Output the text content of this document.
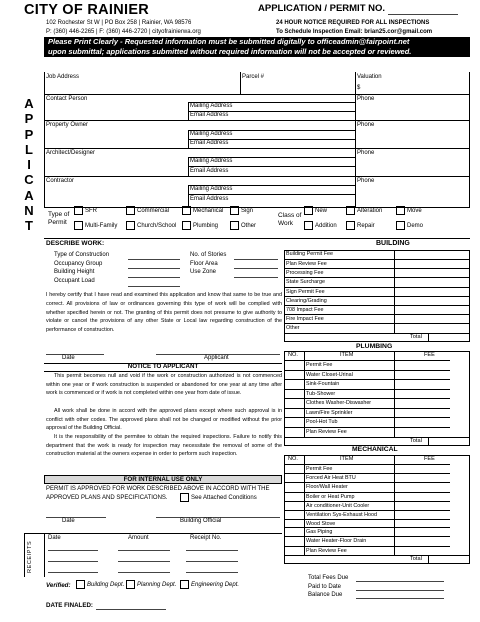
CITY OF RAINIER	APPLICATION / PERMIT NO.
102 Rochester St W | PO Box 258 | Rainier, WA 98576
P: (360) 446-2265 | F: (360) 446-2720 | cityofrainierwa.org
24 HOUR NOTICE REQUIRED FOR ALL INSPECTIONS
To Schedule Inspection Email: brian25.cor@gmail.com
Please Print Clearly - Requested information must be submitted digitally to officeadmin@fairpoint.net
upon submittal; applications submitted without required information will not be accepted or reviewed.
A
P
P
L
I
C
A
N
T
Job Address	Parcel #	Valuation
$
Contact Person	Phone
Mailing Address
Email Address
Property Owner	Phone
Mailing Address
Email Address
Architect/Designer	Phone
Mailing Address
Email Address
Contractor	Phone
Mailing Address
Email Address
Type of
Permit
SFR	Commercial	Mechanical	Sign
Multi-Family	Church/School	Plumbing	Other
Class of
Work
New	Alteration	Move
Addition	Repair	Demo
DESCRIBE WORK:	BUILDING
Type of Construction
Occupancy Group
Building Height
Occupant Load
No. of Stories
Floor Area
Use Zone
I hereby certify that I have read and examined this application and know that same to be true and correct. All provisions of law or ordinances governing this type of work will be complied with whether specified herein or not. The granting of this permit does not presume to give authority to violate or cancel the provisions of any other State or Local law regarding construction of the performance of construction.
Building Permit Fee
Plan Review Fee
Processing Fee
State Surcharge
Sign Permit Fee
Clearing/Grading
708 Impact Fee
Fire Impact Fee
Other
Total
Date	Applicant
PLUMBING
NOTICE TO APPLICANT
This permit becomes null and void if the work or construction authorized is not commenced within one year or if work construction is suspended or abandoned for one year at any time after work is commenced or if work is not completed within one year from date of issue.
All work shall be done in accord with the approved plans except where such approval is in conflict with other codes. The approved plans shall not be changed or modified without the prior approval of the Building Official.
It is the responsibility of the permitee to obtain the required inspections. Failure to notify this department that the work is ready for inspection may necessitate the removal of some of the construction material at the owners expense in order to perform such inspection.
NO.	ITEM	FEE
Permit Fee
Water Closet-Urinal
Sink-Fountain
Tub-Shower
Clothes Washer-Diswasher
Lawn/Fire Sprinkler
Pool-Hot Tub
Plan Review Fee
Total
MECHANICAL
NO.	ITEM	FEE
Permit Fee
Forced Air Heat BTU
Floor/Wall Heater
Boiler or Heat Pump
Air conditioner-Unit Cooler
Ventilation Sys-Exhaust Hood
Wood Stove
Gas Piping
Water Heater-Floor Drain
Plan Review Fee
Total
FOR INTERNAL USE ONLY
PERMIT IS APPROVED FOR WORK DESCRIBED ABOVE IN ACCORD WITH THE
APPROVED PLANS AND SPECIFICATIONS.	See Attached Conditions
Date	Building Official
RECEIPTS
Date	Amount	Receipt No.
Verified:	Building Dept.	Planning Dept.	Engineering Dept.
DATE FINALED:
Total Fees Due
Paid to Date
Balance Due
